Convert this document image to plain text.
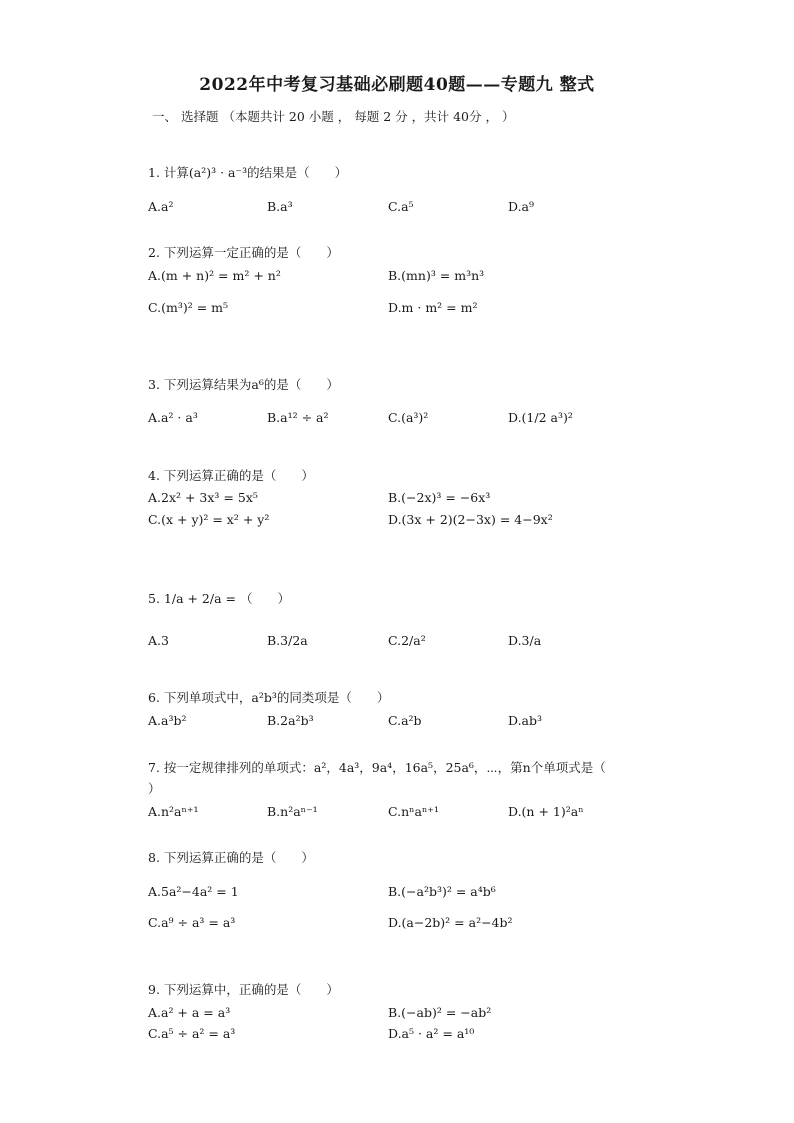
2022年中考复习基础必刷题40题——专题九 整式
一、 选择题 （本题共计 20 小题 ， 每题 2 分 ，共计 40分 ， ）
1. 计算(a²)³ · a⁻³的结果是（　　）
A.a²	B.a³	C.a⁵	D.a⁹
2. 下列运算一定正确的是（　　）
A.(m + n)² = m² + n²	B.(mn)³ = m³n³
C.(m³)² = m⁵	D.m · m² = m²
3. 下列运算结果为a⁶的是（　　）
A.a² · a³	B.a¹² ÷ a²	C.(a³)²	D.(1/2 a³)²
4. 下列运算正确的是（　　）
A.2x² + 3x³ = 5x⁵	B.(−2x)³ = −6x³
C.(x + y)² = x² + y²	D.(3x + 2)(2−3x) = 4−9x²
5. 1/a + 2/a = （　　）
A.3	B.3/2a	C.2/a²	D.3/a
6. 下列单项式中，a²b³的同类项是（　　）
A.a³b²	B.2a²b³	C.a²b	D.ab³
7. 按一定规律排列的单项式：a²，4a³，9a⁴，16a⁵，25a⁶，⋯，第n个单项式是（
）
A.n²aⁿ⁺¹	B.n²aⁿ⁻¹	C.nⁿaⁿ⁺¹	D.(n + 1)²aⁿ
8. 下列运算正确的是（　　）
A.5a²−4a² = 1	B.(−a²b³)² = a⁴b⁶
C.a⁹ ÷ a³ = a³	D.(a−2b)² = a²−4b²
9. 下列运算中，正确的是（　　）
A.a² + a = a³	B.(−ab)² = −ab²
C.a⁵ ÷ a² = a³	D.a⁵ · a² = a¹⁰
